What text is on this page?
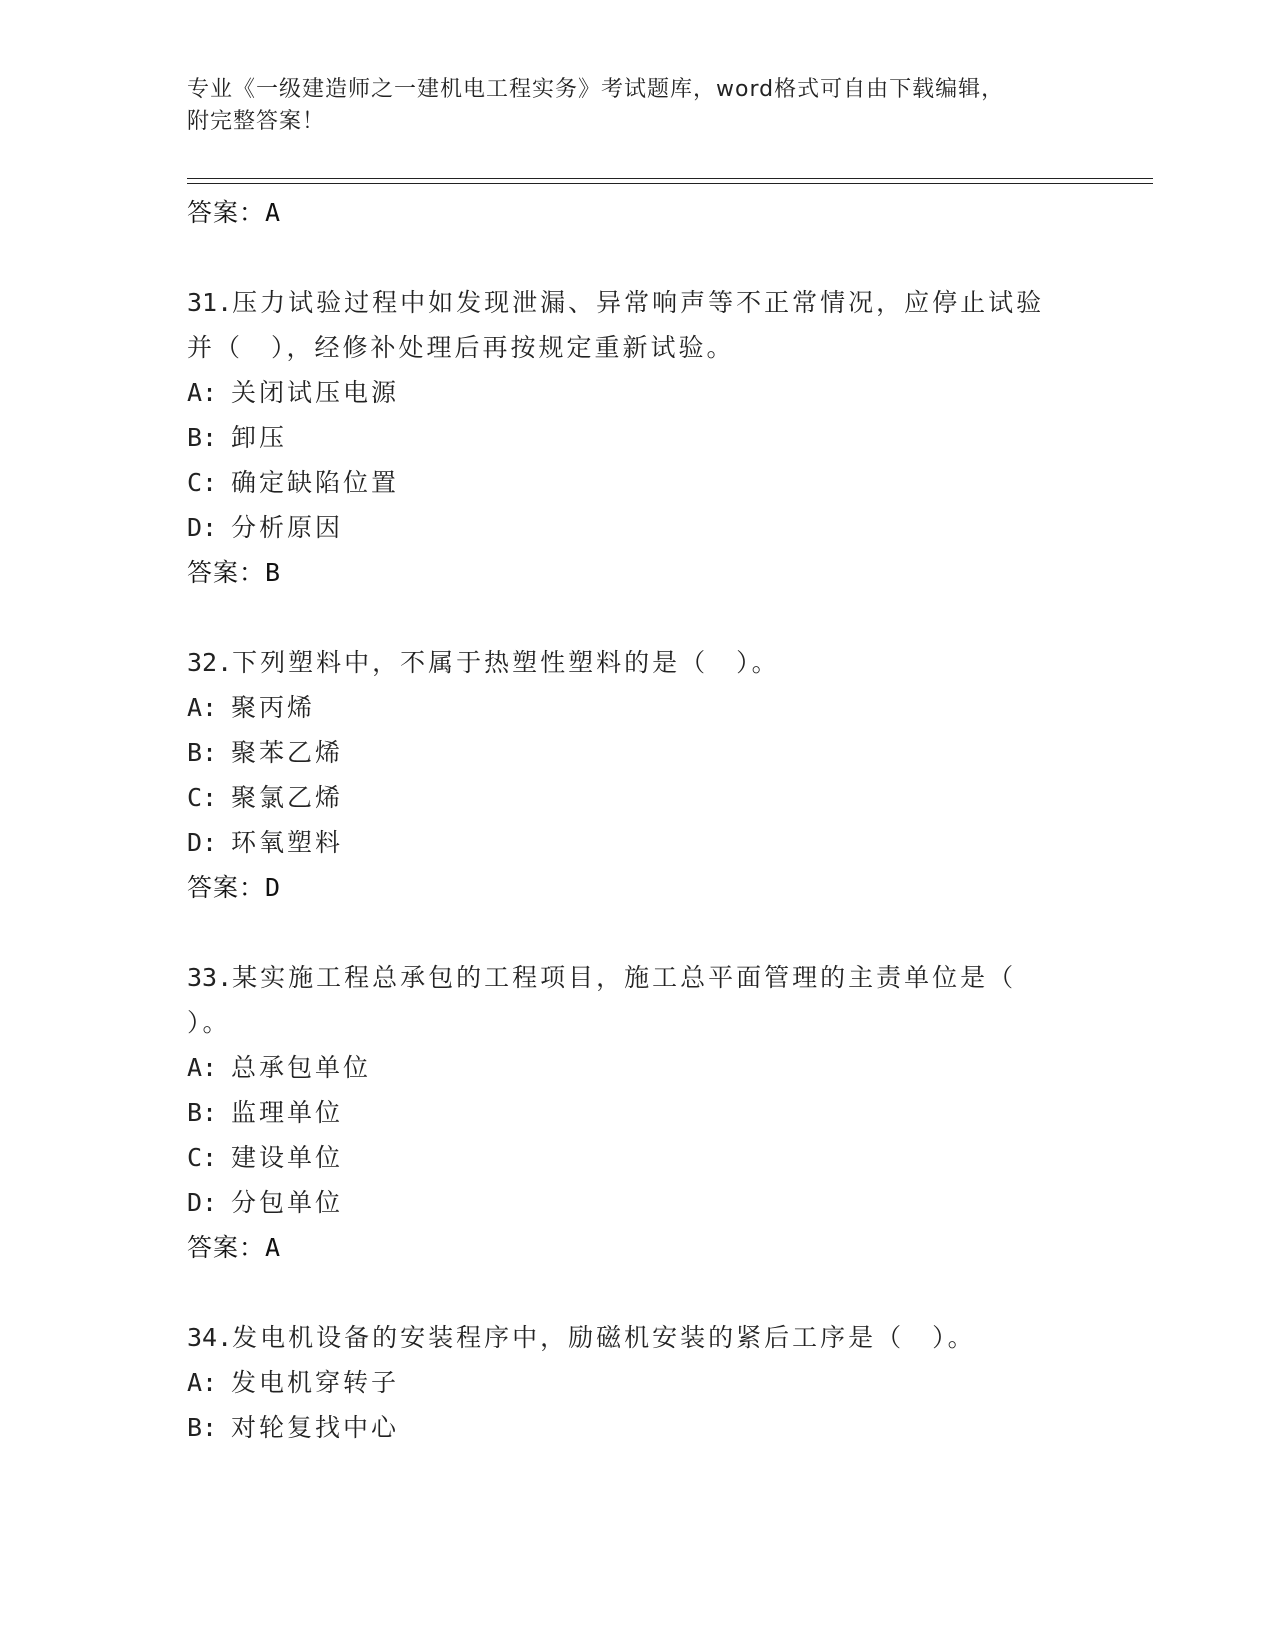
专业《一级建造师之一建机电工程实务》考试题库，word格式可自由下载编辑，
附完整答案！
答案：A
31.压力试验过程中如发现泄漏、异常响声等不正常情况，应停止试验
并（　），经修补处理后再按规定重新试验。
A: 关闭试压电源
B: 卸压
C: 确定缺陷位置
D: 分析原因
答案：B
32.下列塑料中，不属于热塑性塑料的是（　）。
A: 聚丙烯
B: 聚苯乙烯
C: 聚氯乙烯
D: 环氧塑料
答案：D
33.某实施工程总承包的工程项目，施工总平面管理的主责单位是（
）。
A: 总承包单位
B: 监理单位
C: 建设单位
D: 分包单位
答案：A
34.发电机设备的安装程序中，励磁机安装的紧后工序是（　）。
A: 发电机穿转子
B: 对轮复找中心
